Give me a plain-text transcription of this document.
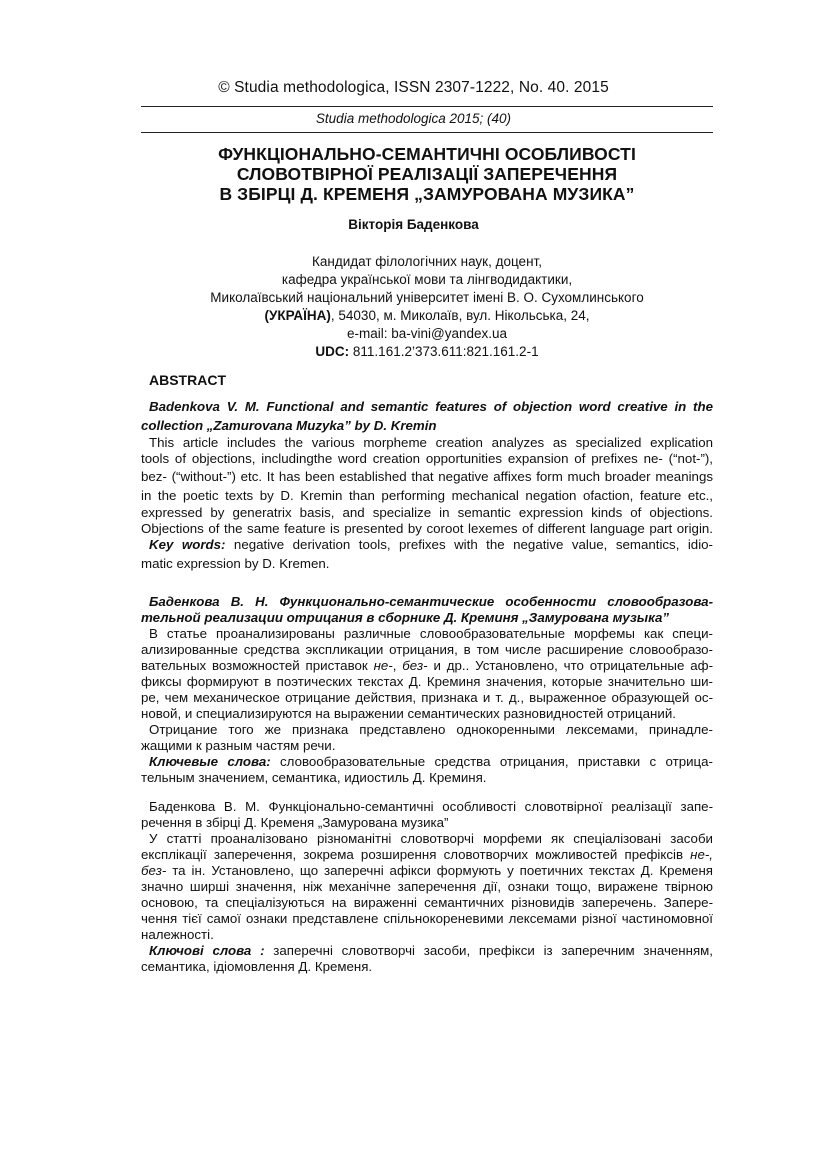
© Studia methodologica, ISSN 2307-1222, No. 40. 2015
Studia methodologica 2015; (40)
ФУНКЦІОНАЛЬНО-СЕМАНТИЧНІ ОСОБЛИВОСТІ
СЛОВОТВІРНОЇ РЕАЛІЗАЦІЇ ЗАПЕРЕЧЕННЯ
В ЗБІРЦІ Д. КРЕМЕНЯ „ЗАМУРОВАНА МУЗИКА”
Вікторія Баденкова
Кандидат філологічних наук, доцент,
кафедра української мови та лінгводидактики,
Миколаївський національний університет імені В. О. Сухомлинського
(УКРАЇНА), 54030, м. Миколаїв, вул. Нікольська, 24,
e-mail: ba-vini@yandex.ua
UDC: 811.161.2’373.611:821.161.2-1
ABSTRACT
Badenkova V. M. Functional and semantic features of objection word creative in the
collection „Zamurovana Muzyka” by D. Kremin
This article includes the various morpheme creation analyzes as specialized explication
tools of objections, includingthe word creation opportunities expansion of prefixes ne- (“not-”),
bez- (“without-”) etc. It has been established that negative affixes form much broader meanings
in the poetic texts by D. Kremin than performing mechanical negation ofaction, feature etc.,
expressed by generatrix basis, and specialize in semantic expression kinds of objections.
Objections of the same feature is presented by coroot lexemes of different language part origin.
Key words: negative derivation tools, prefixes with the negative value, semantics, idio-
matic expression by D. Kremen.
Баденкова В. Н. Функционально-семантические особенности словообразова-
тельной реализации отрицания в сборнике Д. Креминя „Замурована музыка”
В статье проанализированы различные словообразовательные морфемы как специ-
ализированные средства экспликации отрицания, в том числе расширение словообразо-
вательных возможностей приставок не-, без- и др.. Установлено, что отрицательные аф-
фиксы формируют в поэтических текстах Д. Креминя значения, которые значительно ши-
ре, чем механическое отрицание действия, признака и т. д., выраженное образующей ос-
новой, и специализируются на выражении семантических разновидностей отрицаний.
Отрицание того же признака представлено однокоренными лексемами, принадле-
жащими к разным частям речи.
Ключевые слова: словообразовательные средства отрицания, приставки с отрица-
тельным значением, семантика, идиостиль Д. Креминя.
Баденкова В. М. Функціонально-семантичні особливості словотвірної реалізації запе-
речення в збірці Д. Кременя „Замурована музика”
У статті проаналізовано різноманітні словотворчі морфеми як спеціалізовані засоби
експлікації заперечення, зокрема розширення словотворчих можливостей префіксів не-,
без- та ін. Установлено, що заперечні афікси формують у поетичних текстах Д. Кременя
значно ширші значення, ніж механічне заперечення дії, ознаки тощо, виражене твірною
основою, та спеціалізуються на вираженні семантичних різновидів заперечень. Запере-
чення тієї самої ознаки представлене спільнокореневими лексемами різної частиномовної
належності.
Ключові слова : заперечні словотворчі засоби, префікси із заперечним значенням,
семантика, ідіомовлення Д. Кременя.
